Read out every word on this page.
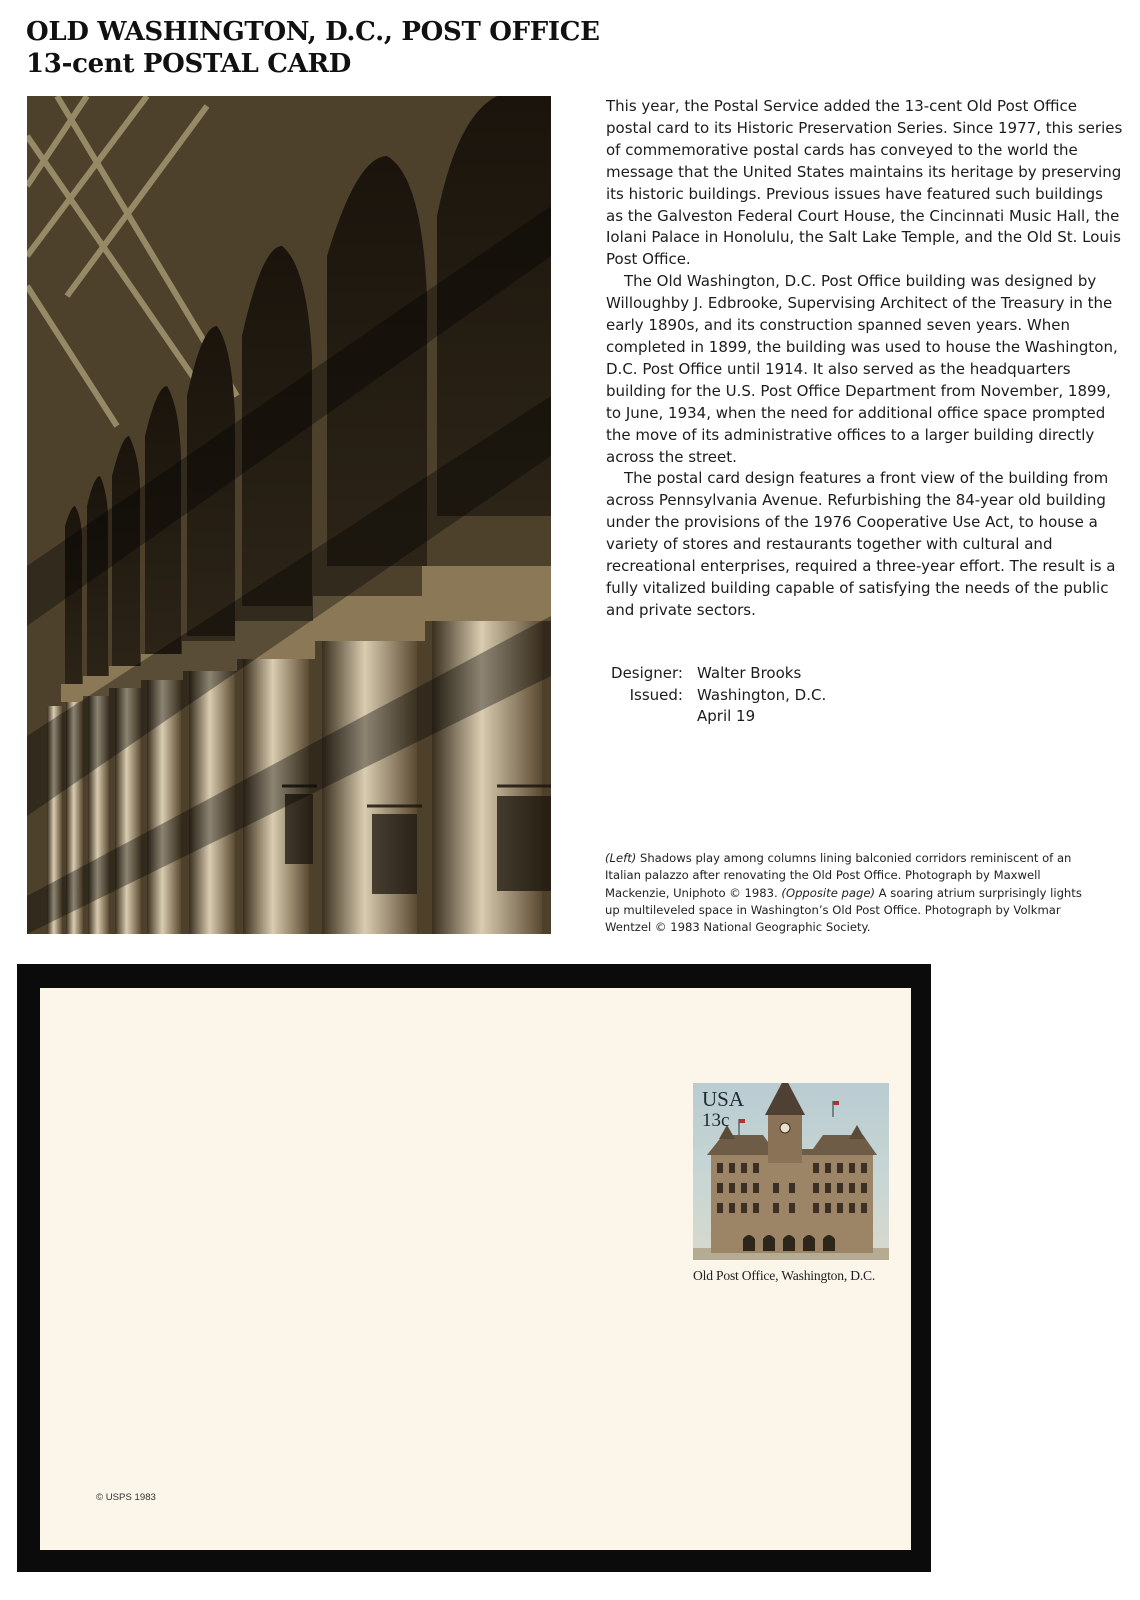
OLD WASHINGTON, D.C., POST OFFICE
13-cent POSTAL CARD

This year, the Postal Service added the 13-cent Old Post Office postal card to its Historic Preservation Series. Since 1977, this series of commemorative postal cards has conveyed to the world the message that the United States maintains its heritage by preserving its historic buildings. Previous issues have featured such buildings as the Galveston Federal Court House, the Cincinnati Music Hall, the Iolani Palace in Honolulu, the Salt Lake Temple, and the Old St. Louis Post Office.

The Old Washington, D.C. Post Office building was designed by Willoughby J. Edbrooke, Supervising Architect of the Treasury in the early 1890s, and its construction spanned seven years. When completed in 1899, the building was used to house the Washington, D.C. Post Office until 1914. It also served as the headquarters building for the U.S. Post Office Department from November, 1899, to June, 1934, when the need for additional office space prompted the move of its administrative offices to a larger building directly across the street.

The postal card design features a front view of the building from across Pennsylvania Avenue. Refurbishing the 84-year old building under the provisions of the 1976 Cooperative Use Act, to house a variety of stores and restaurants together with cultural and recreational enterprises, required a three-year effort. The result is a fully vitalized building capable of satisfying the needs of the public and private sectors.

Designer: Walter Brooks
Issued: Washington, D.C.
April 19
(Left) Shadows play among columns lining balconied corridors reminiscent of an Italian palazzo after renovating the Old Post Office. Photograph by Maxwell Mackenzie, Uniphoto © 1983. (Opposite page) A soaring atrium surprisingly lights up multileveled space in Washington’s Old Post Office. Photograph by Volkmar Wentzel © 1983 National Geographic Society.
USA
13c
Old Post Office, Washington, D.C.
© USPS 1983
